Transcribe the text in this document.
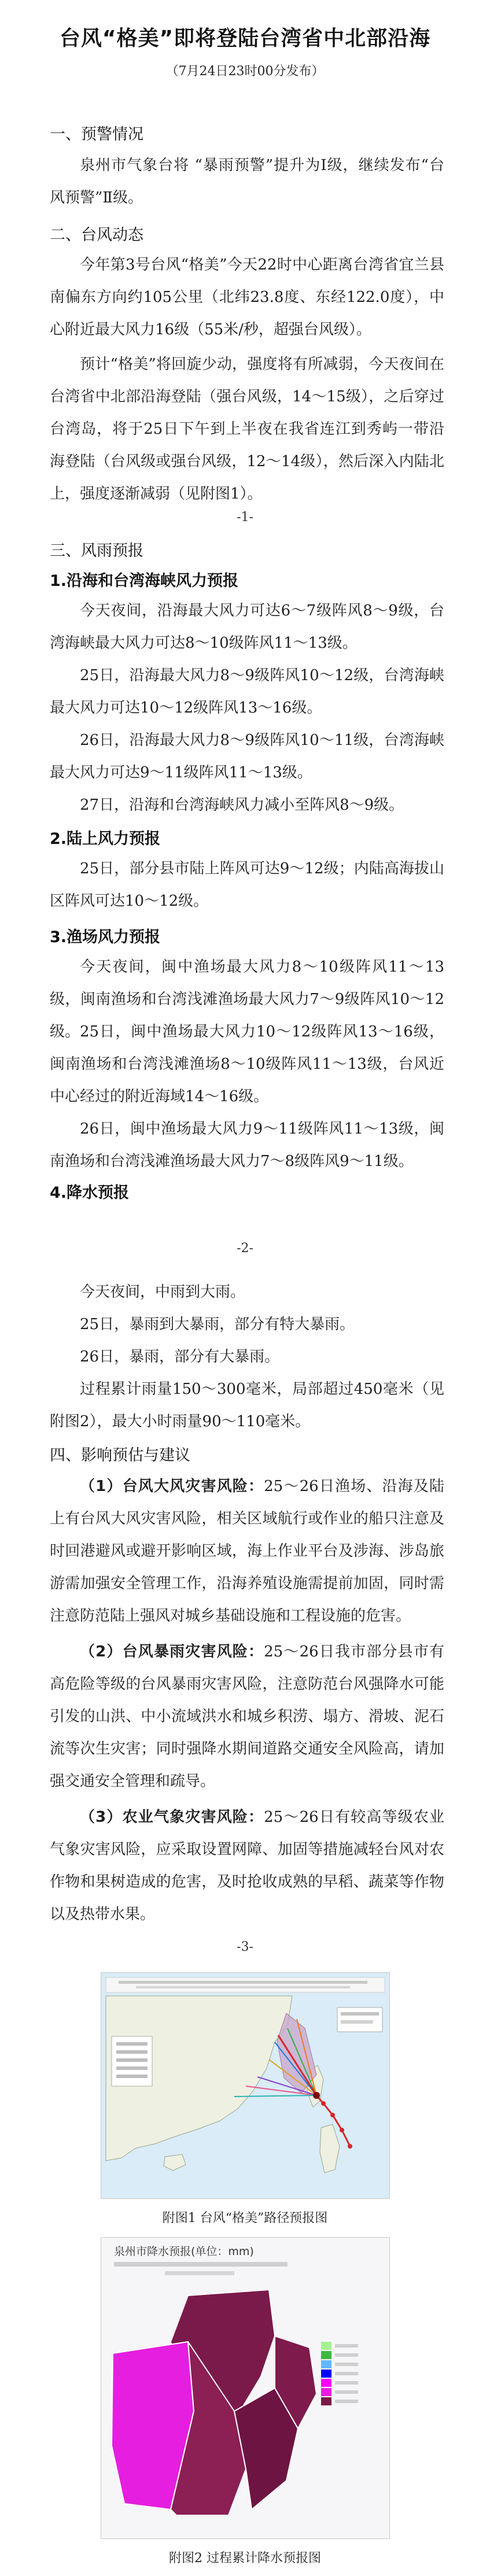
台风“格美”即将登陆台湾省中北部沿海
（7月24日23时00分发布）
一、预警情况

泉州市气象台将 “暴雨预警”提升为Ⅰ级，继续发布“台风预警”Ⅱ级。

二、台风动态

今年第3号台风“格美”今天22时中心距离台湾省宜兰县南偏东方向约105公里（北纬23.8度、东经122.0度），中心附近最大风力16级（55米/秒，超强台风级）。

预计“格美”将回旋少动，强度将有所减弱，今天夜间在台湾省中北部沿海登陆（强台风级，14～15级），之后穿过台湾岛，将于25日下午到上半夜在我省连江到秀屿一带沿海登陆（台风级或强台风级，12～14级），然后深入内陆北上，强度逐渐减弱（见附图1）。

-1-
三、风雨预报
1.沿海和台湾海峡风力预报

今天夜间，沿海最大风力可达6～7级阵风8～9级，台湾海峡最大风力可达8～10级阵风11～13级。

25日，沿海最大风力8～9级阵风10～12级，台湾海峡最大风力可达10～12级阵风13～16级。

26日，沿海最大风力8～9级阵风10～11级，台湾海峡最大风力可达9～11级阵风11～13级。

27日，沿海和台湾海峡风力减小至阵风8～9级。

2.陆上风力预报

25日，部分县市陆上阵风可达9～12级；内陆高海拔山区阵风可达10～12级。

3.渔场风力预报

今天夜间，闽中渔场最大风力8～10级阵风11～13级，闽南渔场和台湾浅滩渔场最大风力7～9级阵风10～12级。 25日，闽中渔场最大风力10～12级阵风13～16级，闽南渔场和台湾浅滩渔场8～10级阵风11～13级，台风近中心经过的附近海域14～16级。

26日，闽中渔场最大风力9～11级阵风11～13级，闽南渔场和台湾浅滩渔场最大风力7～8级阵风9～11级。

4.降水预报
-2-

今天夜间，中雨到大雨。

25日，暴雨到大暴雨，部分有特大暴雨。

26日，暴雨，部分有大暴雨。

过程累计雨量150～300毫米，局部超过450毫米（见附图2），最大小时雨量90～110毫米。

四、影响预估与建议

（1）台风大风灾害风险：25～26日渔场、沿海及陆上有台风大风灾害风险，相关区域航行或作业的船只注意及时回港避风或避开影响区域，海上作业平台及涉海、涉岛旅游需加强安全管理工作，沿海养殖设施需提前加固，同时需注意防范陆上强风对城乡基础设施和工程设施的危害。

（2）台风暴雨灾害风险：25～26日我市部分县市有高危险等级的台风暴雨灾害风险，注意防范台风强降水可能引发的山洪、中小流域洪水和城乡积涝、塌方、滑坡、泥石流等次生灾害；同时强降水期间道路交通安全风险高，请加强交通安全管理和疏导。

（3）农业气象灾害风险：25～26日有较高等级农业气象灾害风险，应采取设置网障、加固等措施减轻台风对农作物和果树造成的危害，及时抢收成熟的早稻、蔬菜等作物以及热带水果。

-3-
附图1 台风“格美”路径预报图
泉州市降水预报(单位：mm)
附图2 过程累计降水预报图
